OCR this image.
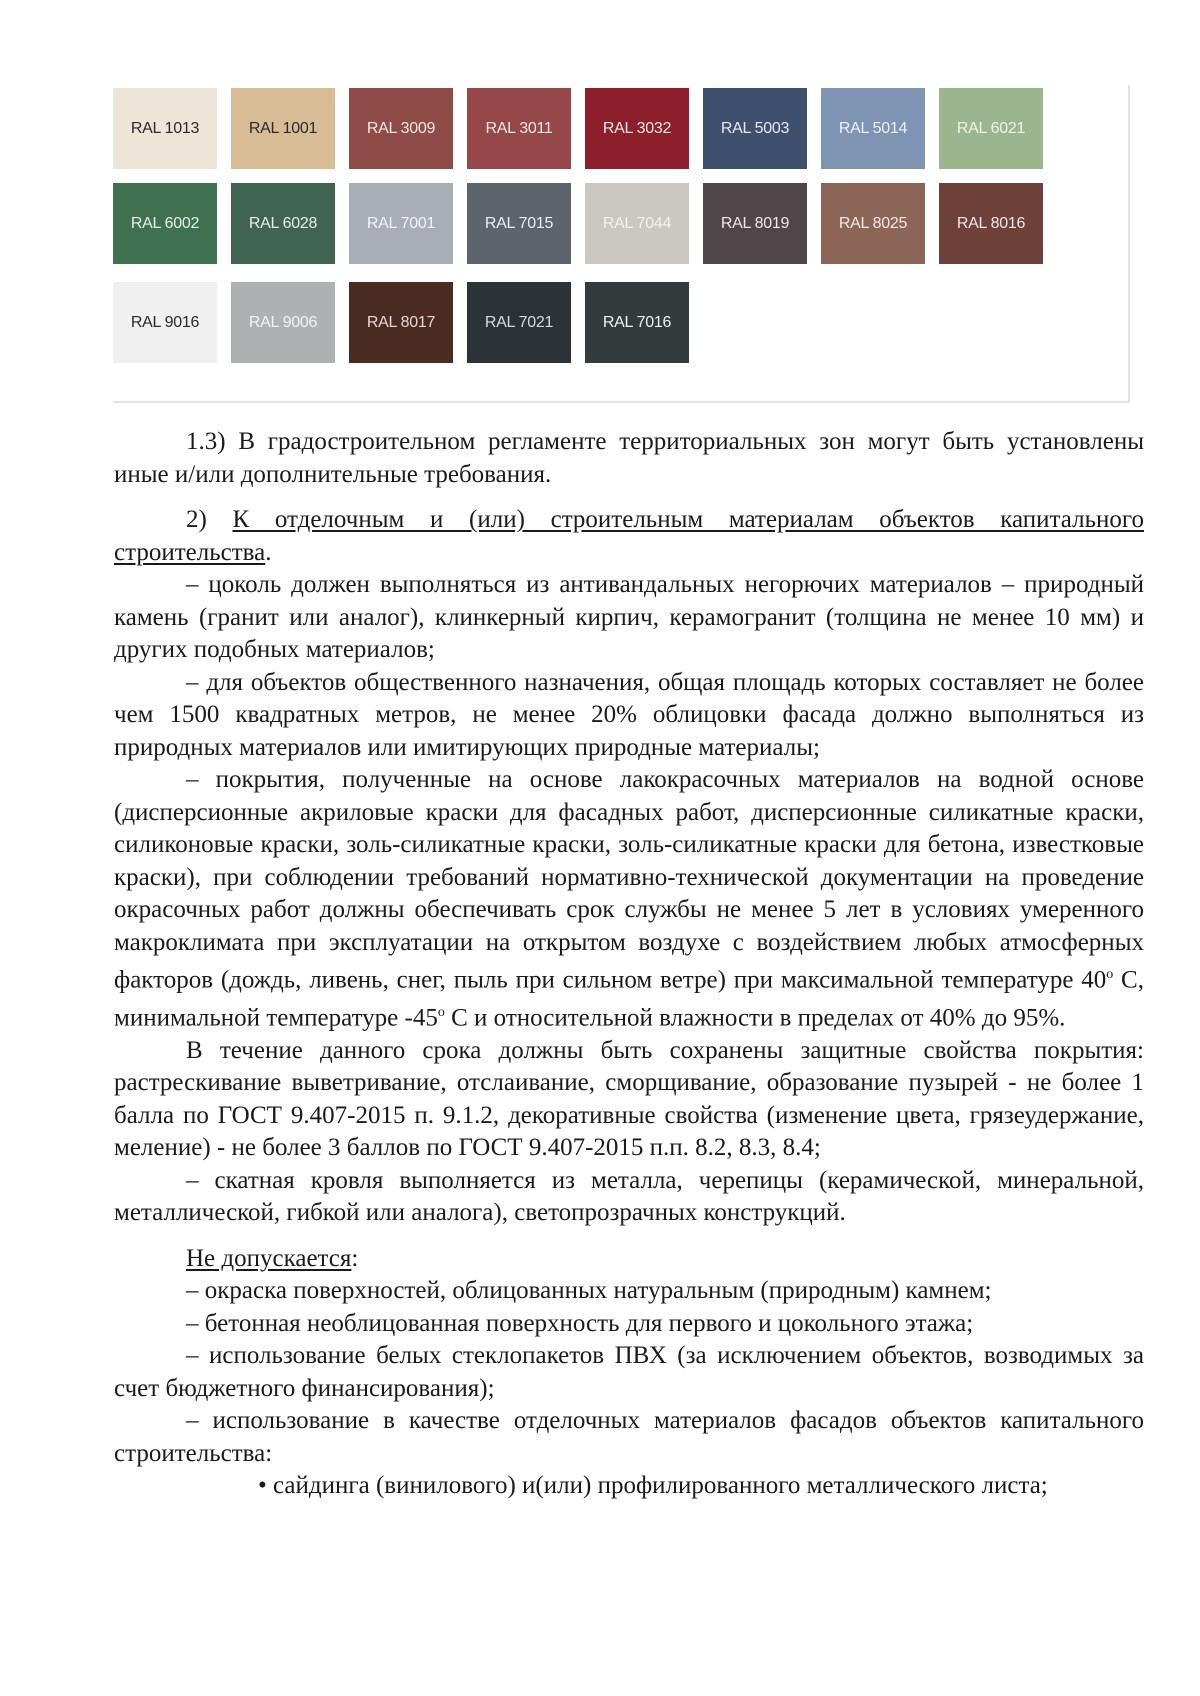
RAL 1013	RAL 1001	RAL 3009	RAL 3011	RAL 3032	RAL 5003	RAL 5014	RAL 6021
RAL 6002	RAL 6028	RAL 7001	RAL 7015	RAL 7044	RAL 8019	RAL 8025	RAL 8016
RAL 9016	RAL 9006	RAL 8017	RAL 7021	RAL 7016

1.3) В градостроительном регламенте территориальных зон могут быть установлены иные и/или дополнительные требования.

2) К отделочным и (или) строительным материалам объектов капитального строительства.

– цоколь должен выполняться из антивандальных негорючих материалов – природный камень (гранит или аналог), клинкерный кирпич, керамогранит (толщина не менее 10 мм) и других подобных материалов;

– для объектов общественного назначения, общая площадь которых составляет не более чем 1500 квадратных метров, не менее 20% облицовки фасада должно выполняться из природных материалов или имитирующих природные материалы;

– покрытия, полученные на основе лакокрасочных материалов на водной основе (дисперсионные акриловые краски для фасадных работ, дисперсионные силикатные краски, силиконовые краски, золь-силикатные краски, золь-силикатные краски для бетона, известковые краски), при соблюдении требований нормативно-технической документации на проведение окрасочных работ должны обеспечивать срок службы не менее 5 лет в условиях умеренного макроклимата при эксплуатации на открытом воздухе с воздействием любых атмосферных факторов (дождь, ливень, снег, пыль при сильном ветре) при максимальной температуре $40^о$ С, минимальной температуре $-45^о$ С и относительной влажности в пределах от 40% до 95%.

В течение данного срока должны быть сохранены защитные свойства покрытия: растрескивание выветривание, отслаивание, сморщивание, образование пузырей - не более 1 балла по ГОСТ 9.407-2015 п. 9.1.2, декоративные свойства (изменение цвета, грязеудержание, меление) - не более 3 баллов по ГОСТ 9.407-2015 п.п. 8.2, 8.3, 8.4;

– скатная кровля выполняется из металла, черепицы (керамической, минеральной, металлической, гибкой или аналога), светопрозрачных конструкций.

Не допускается:

– окраска поверхностей, облицованных натуральным (природным) камнем;

– бетонная необлицованная поверхность для первого и цокольного этажа;

– использование белых стеклопакетов ПВХ (за исключением объектов, возводимых за счет бюджетного финансирования);

– использование в качестве отделочных материалов фасадов объектов капитального строительства:

• сайдинга (винилового) и(или) профилированного металлического листа;
